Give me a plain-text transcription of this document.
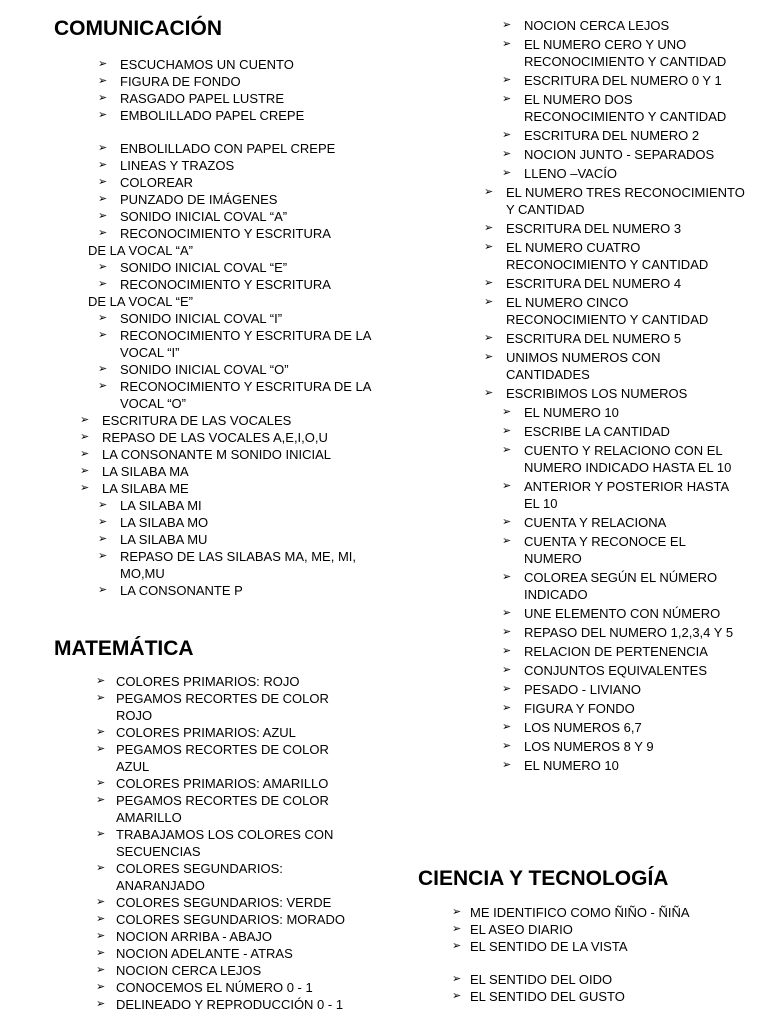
COMUNICACIÓN
➢ ESCUCHAMOS UN CUENTO
➢ FIGURA DE FONDO
➢ RASGADO PAPEL LUSTRE
➢ EMBOLILLADO PAPEL CREPE
➢ ENBOLILLADO CON PAPEL CREPE
➢ LINEAS Y TRAZOS
➢ COLOREAR
➢ PUNZADO DE IMÁGENES
➢ SONIDO INICIAL COVAL “A”
➢ RECONOCIMIENTO Y ESCRITURA
DE LA VOCAL “A”
➢ SONIDO INICIAL COVAL “E”
➢ RECONOCIMIENTO Y ESCRITURA
DE LA VOCAL “E”
➢ SONIDO INICIAL COVAL “I”
➢ RECONOCIMIENTO Y ESCRITURA DE LA VOCAL “I”
➢ SONIDO INICIAL COVAL “O”
➢ RECONOCIMIENTO Y ESCRITURA DE LA VOCAL “O”
➢ ESCRITURA DE LAS VOCALES
➢ REPASO DE LAS VOCALES A,E,I,O,U
➢ LA CONSONANTE M SONIDO INICIAL
➢ LA SILABA MA
➢ LA SILABA ME
➢ LA SILABA MI
➢ LA SILABA MO
➢ LA SILABA MU
➢ REPASO DE LAS SILABAS MA, ME, MI, MO,MU
➢ LA CONSONANTE P
MATEMÁTICA
➢ COLORES PRIMARIOS: ROJO
➢ PEGAMOS RECORTES DE COLOR ROJO
➢ COLORES PRIMARIOS: AZUL
➢ PEGAMOS RECORTES DE COLOR AZUL
➢ COLORES PRIMARIOS: AMARILLO
➢ PEGAMOS RECORTES DE COLOR AMARILLO
➢ TRABAJAMOS LOS COLORES CON SECUENCIAS
➢ COLORES SEGUNDARIOS: ANARANJADO
➢ COLORES SEGUNDARIOS: VERDE
➢ COLORES SEGUNDARIOS: MORADO
➢ NOCION ARRIBA - ABAJO
➢ NOCION ADELANTE - ATRAS
➢ NOCION CERCA LEJOS
➢ CONOCEMOS EL NÚMERO 0 - 1
➢ DELINEADO Y REPRODUCCIÓN 0 - 1
➢ NOCION CERCA LEJOS
➢ EL NUMERO CERO Y UNO RECONOCIMIENTO Y CANTIDAD
➢ ESCRITURA DEL NUMERO 0 Y 1
➢ EL NUMERO DOS RECONOCIMIENTO Y CANTIDAD
➢ ESCRITURA DEL NUMERO 2
➢ NOCION JUNTO - SEPARADOS
➢ LLENO –VACÍO
➢ EL NUMERO TRES RECONOCIMIENTO Y CANTIDAD
➢ ESCRITURA DEL NUMERO 3
➢ EL NUMERO CUATRO RECONOCIMIENTO Y CANTIDAD
➢ ESCRITURA DEL NUMERO 4
➢ EL NUMERO CINCO RECONOCIMIENTO Y CANTIDAD
➢ ESCRITURA DEL NUMERO 5
➢ UNIMOS NUMEROS CON CANTIDADES
➢ ESCRIBIMOS LOS NUMEROS
➢ EL NUMERO 10
➢ ESCRIBE LA CANTIDAD
➢ CUENTO Y RELACIONO CON EL NUMERO INDICADO HASTA EL 10
➢ ANTERIOR Y POSTERIOR HASTA EL 10
➢ CUENTA Y RELACIONA
➢ CUENTA Y RECONOCE EL NUMERO
➢ COLOREA SEGÚN EL NÚMERO INDICADO
➢ UNE ELEMENTO CON NÚMERO
➢ REPASO DEL NUMERO 1,2,3,4 Y 5
➢ RELACION DE PERTENENCIA
➢ CONJUNTOS EQUIVALENTES
➢ PESADO - LIVIANO
➢ FIGURA Y FONDO
➢ LOS NUMEROS 6,7
➢ LOS NUMEROS 8 Y 9
➢ EL NUMERO 10
CIENCIA Y TECNOLOGÍA
➢ ME IDENTIFICO COMO ÑIÑO - ÑIÑA
➢ EL ASEO DIARIO
➢ EL SENTIDO DE LA VISTA
➢ EL SENTIDO DEL OIDO
➢ EL SENTIDO DEL GUSTO
